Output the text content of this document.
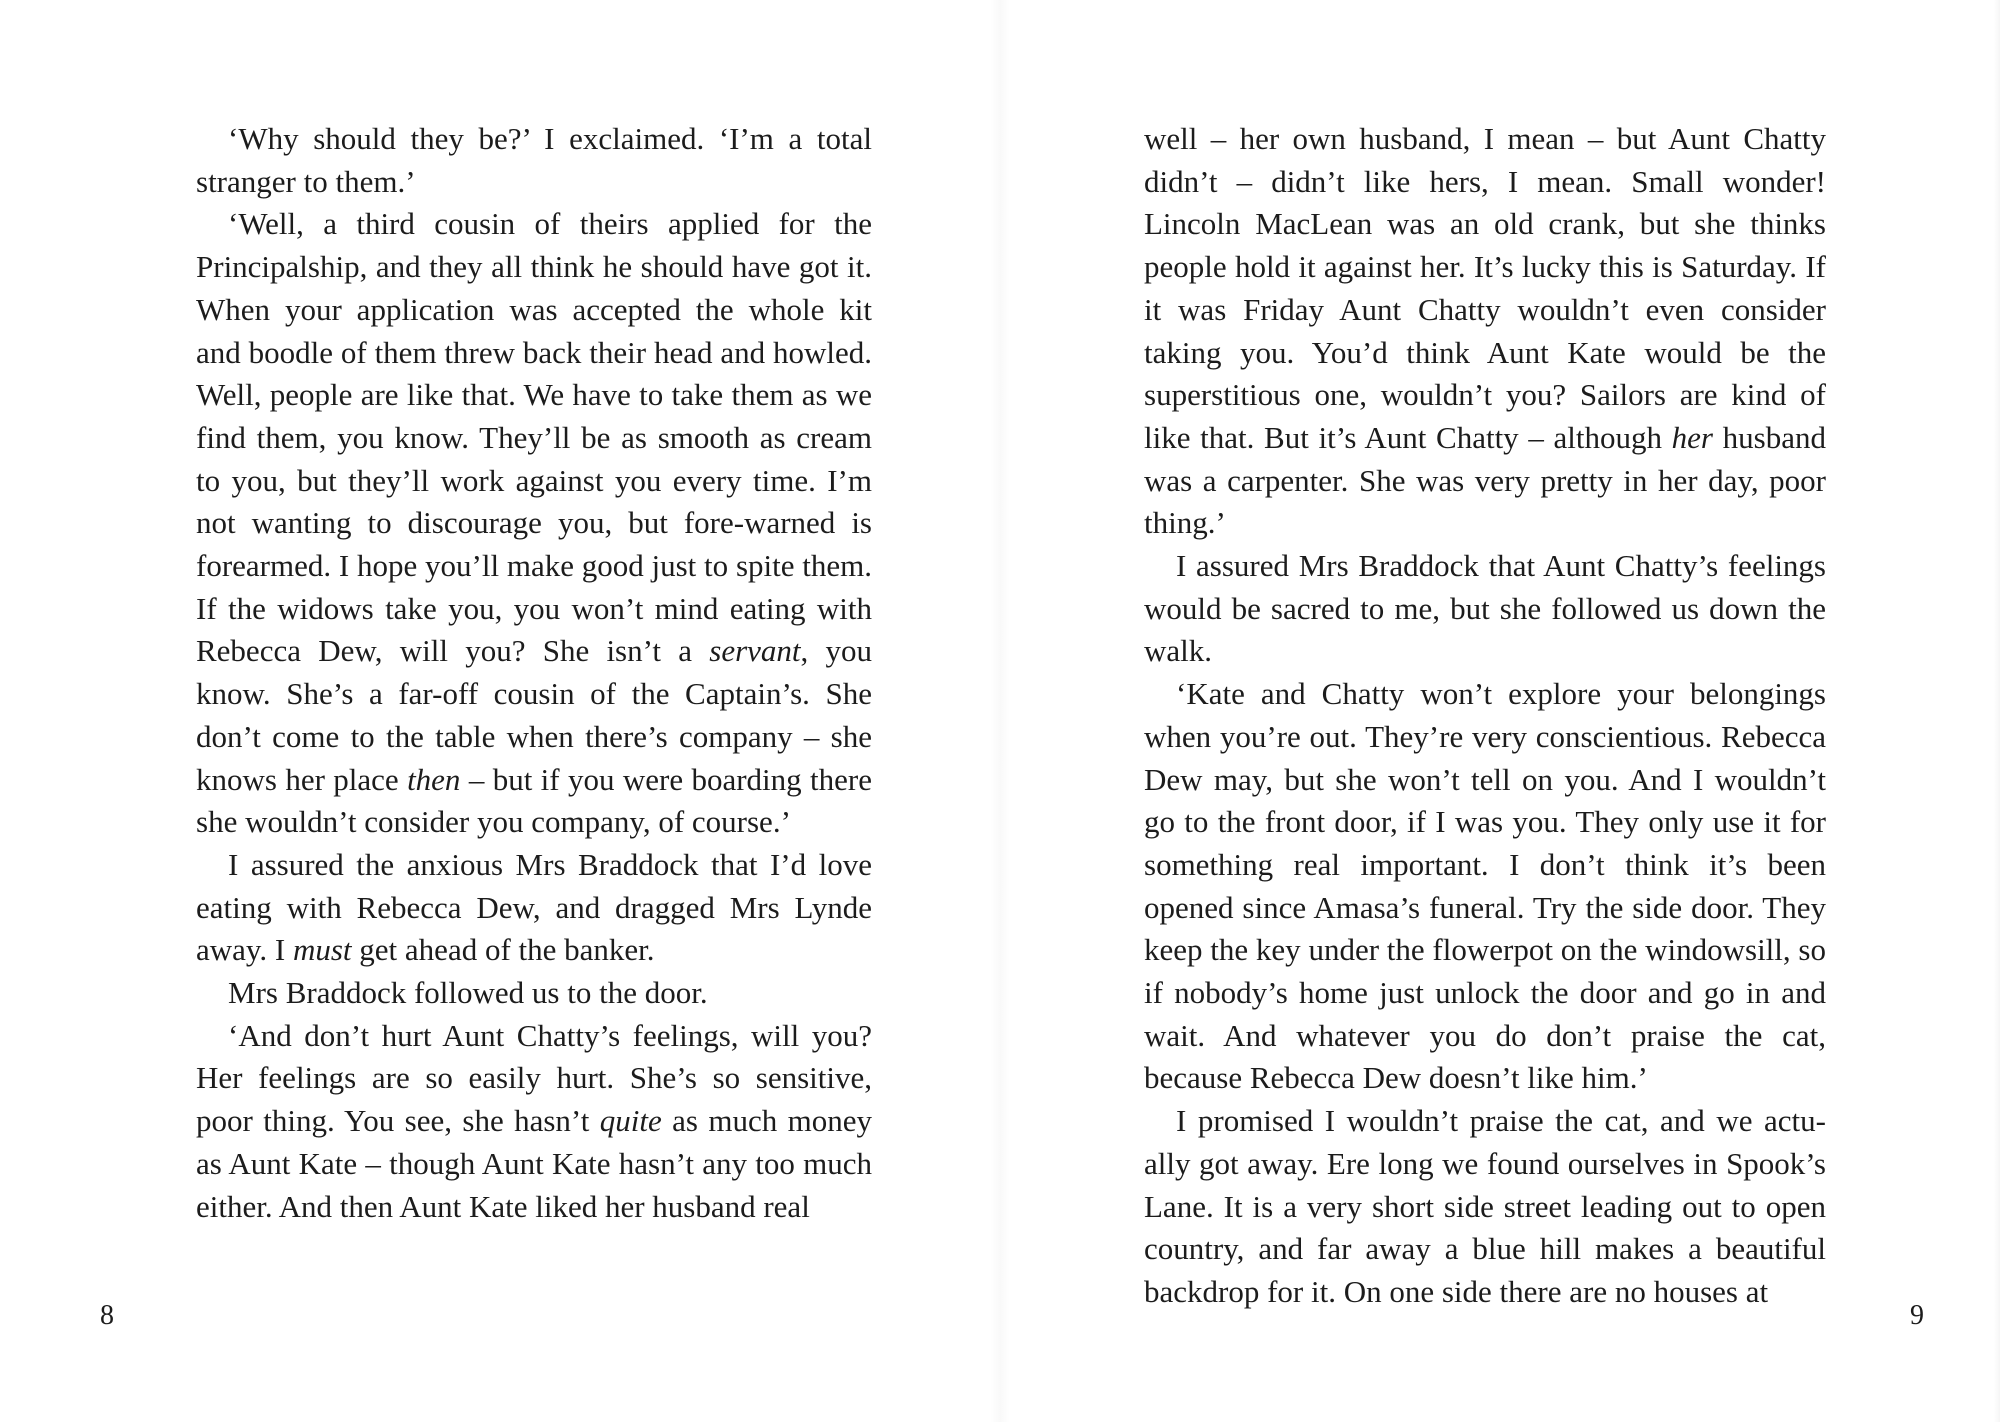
‘Why should they be?’ I exclaimed. ‘I’m a total stranger to them.’

‘Well, a third cousin of theirs applied for the Principalship, and they all think he should have got it. When your application was accepted the whole kit and boodle of them threw back their head and howled. Well, people are like that. We have to take them as we find them, you know. They’ll be as smooth as cream to you, but they’ll work against you every time. I’m not wanting to discourage you, but fore-warned is forearmed. I hope you’ll make good just to spite them. If the widows take you, you won’t mind eating with Rebecca Dew, will you? She isn’t a servant, you know. She’s a far-off cousin of the Captain’s. She don’t come to the table when there’s company – she knows her place then – but if you were boarding there she wouldn’t consider you company, of course.’

I assured the anxious Mrs Braddock that I’d love eating with Rebecca Dew, and dragged Mrs Lynde away. I must get ahead of the banker.

Mrs Braddock followed us to the door.

‘And don’t hurt Aunt Chatty’s feelings, will you? Her feelings are so easily hurt. She’s so sensitive, poor thing. You see, she hasn’t quite as much money as Aunt Kate – though Aunt Kate hasn’t any too much either. And then Aunt Kate liked her husband real

8

well – her own husband, I mean – but Aunt Chatty didn’t – didn’t like hers, I mean. Small wonder! Lincoln MacLean was an old crank, but she thinks people hold it against her. It’s lucky this is Saturday. If it was Friday Aunt Chatty wouldn’t even consider taking you. You’d think Aunt Kate would be the superstitious one, wouldn’t you? Sailors are kind of like that. But it’s Aunt Chatty – although her husband was a carpenter. She was very pretty in her day, poor thing.’

I assured Mrs Braddock that Aunt Chatty’s feelings would be sacred to me, but she followed us down the walk.

‘Kate and Chatty won’t explore your belongings when you’re out. They’re very conscientious. Rebecca Dew may, but she won’t tell on you. And I wouldn’t go to the front door, if I was you. They only use it for something real important. I don’t think it’s been opened since Amasa’s funeral. Try the side door. They keep the key under the flowerpot on the windowsill, so if nobody’s home just unlock the door and go in and wait. And whatever you do don’t praise the cat, because Rebecca Dew doesn’t like him.’

I promised I wouldn’t praise the cat, and we actu-ally got away. Ere long we found ourselves in Spook’s Lane. It is a very short side street leading out to open country, and far away a blue hill makes a beautiful backdrop for it. On one side there are no houses at

9
